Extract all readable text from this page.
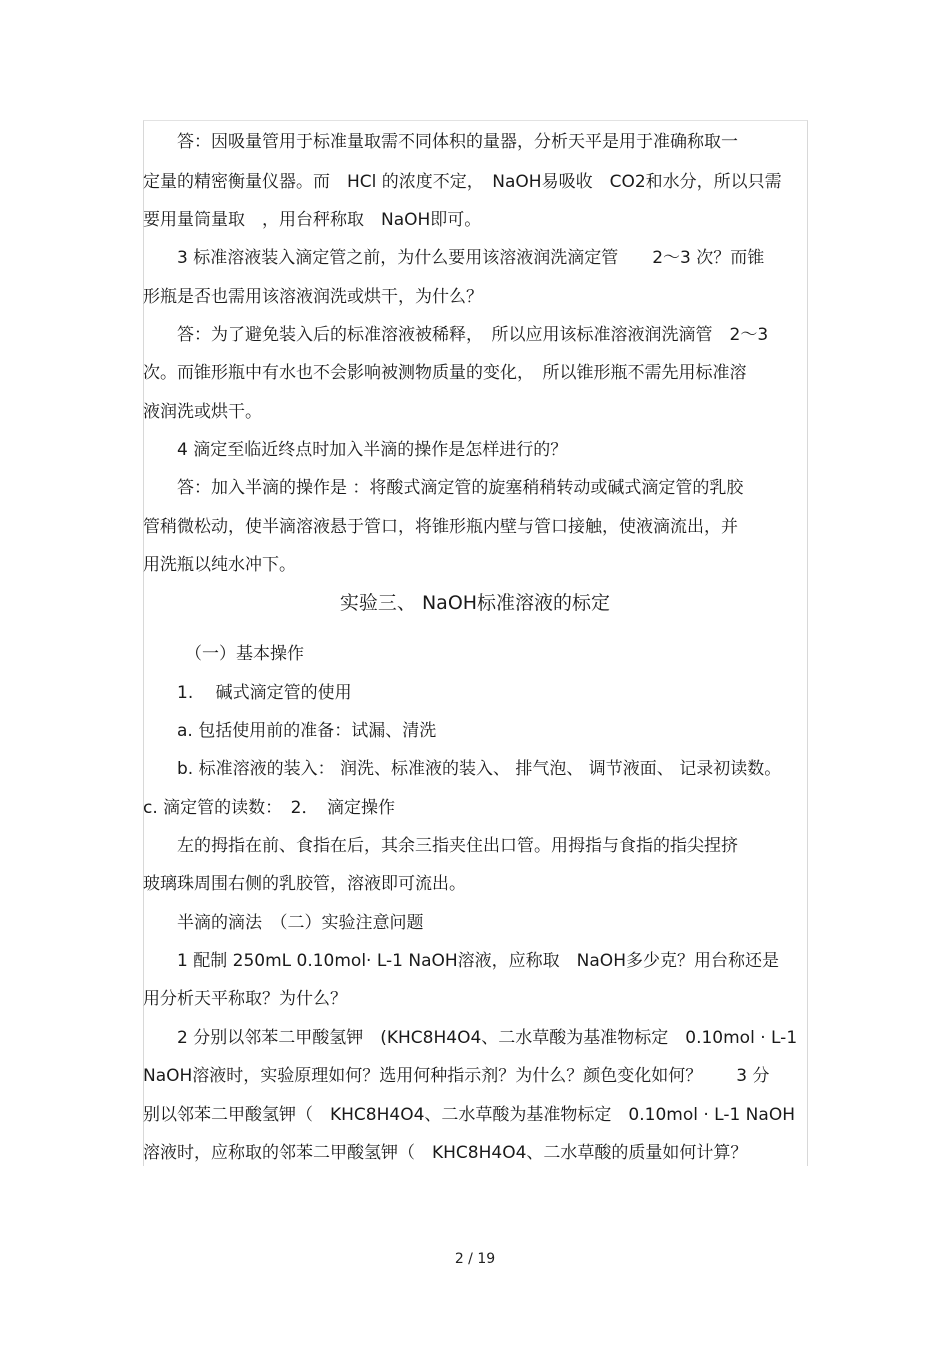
答：因吸量管用于标准量取需不同体积的量器，分析天平是用于准确称取一

定量的精密衡量仪器。而　HCl 的浓度不定，　NaOH易吸收　CO2和水分，所以只需

要用量筒量取　，用台秤称取　NaOH即可。

3 标准溶液装入滴定管之前，为什么要用该溶液润洗滴定管　　2～3 次？而锥

形瓶是否也需用该溶液润洗或烘干，为什么？

答：为了避免装入后的标准溶液被稀释，　所以应用该标准溶液润洗滴管　2～3

次。而锥形瓶中有水也不会影响被测物质量的变化，　所以锥形瓶不需先用标准溶

液润洗或烘干。

4 滴定至临近终点时加入半滴的操作是怎样进行的？

答：加入半滴的操作是 ：将酸式滴定管的旋塞稍稍转动或碱式滴定管的乳胶

管稍微松动，使半滴溶液悬于管口，将锥形瓶内壁与管口接触，使液滴流出，并

用洗瓶以纯水冲下。

实验三、 NaOH标准溶液的标定

（一）基本操作

1.　 碱式滴定管的使用

a. 包括使用前的准备：试漏、清洗

b. 标准溶液的装入： 润洗、标准液的装入、 排气泡、 调节液面、 记录初读数。

c. 滴定管的读数：　2．　滴定操作

左的拇指在前、食指在后，其余三指夹住出口管。用拇指与食指的指尖捏挤

玻璃珠周围右侧的乳胶管，溶液即可流出。

半滴的滴法　（二）实验注意问题

1 配制 250mL 0.10mol· L-1 NaOH溶液，应称取　NaOH多少克？用台称还是

用分析天平称取？为什么？

2 分别以邻苯二甲酸氢钾　(KHC8H4O4、二水草酸为基准物标定　0.10mol · L-1

NaOH溶液时，实验原理如何？选用何种指示剂？为什么？颜色变化如何？　　3 分

别以邻苯二甲酸氢钾（　KHC8H4O4、二水草酸为基准物标定　0.10mol · L-1 NaOH

溶液时，应称取的邻苯二甲酸氢钾（　KHC8H4O4、二水草酸的质量如何计算？

2 / 19
